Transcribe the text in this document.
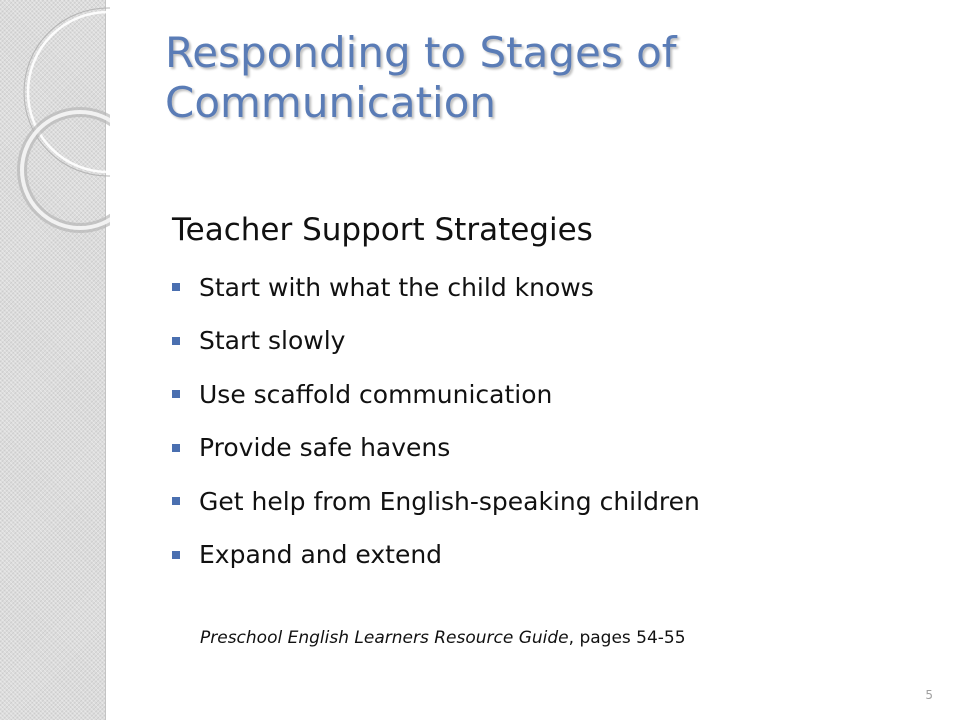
Responding to Stages of Communication
Teacher Support Strategies
Start with what the child knows
Start slowly
Use scaffold communication
Provide safe havens
Get help from English-speaking children
Expand and extend

Preschool English Learners Resource Guide, pages 54-55

5
